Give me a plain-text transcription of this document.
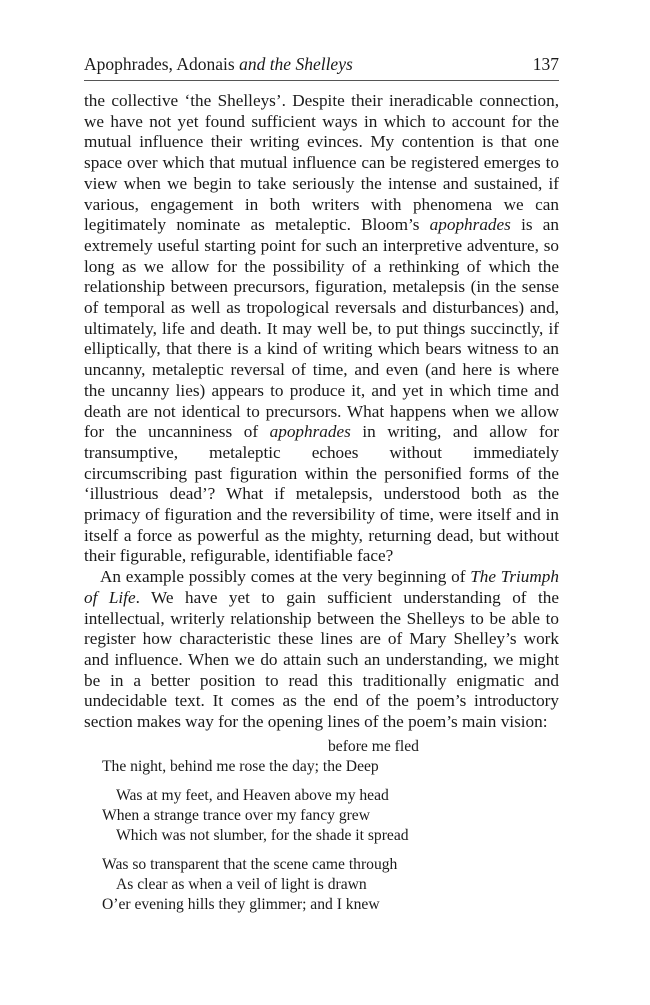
Apophrades, Adonais and the Shelleys	137

the collective ‘the Shelleys’. Despite their ineradicable connection, we have not yet found sufficient ways in which to account for the mutual influence their writing evinces. My contention is that one space over which that mutual influence can be registered emerges to view when we begin to take seriously the intense and sustained, if various, engagement in both writers with phenomena we can legitimately nominate as metaleptic. Bloom’s apophrades is an extremely useful starting point for such an interpretive adventure, so long as we allow for the possibility of a rethinking of which the relationship between precursors, figuration, metalepsis (in the sense of temporal as well as tropological reversals and disturbances) and, ultimately, life and death. It may well be, to put things succinctly, if elliptically, that there is a kind of writing which bears witness to an uncanny, metaleptic reversal of time, and even (and here is where the uncanny lies) appears to produce it, and yet in which time and death are not identical to precursors. What happens when we allow for the uncanniness of apophrades in writing, and allow for transumptive, metaleptic echoes without immediately circumscribing past figuration within the personified forms of the ‘illustrious dead’? What if metalepsis, understood both as the primacy of figuration and the reversibility of time, were itself and in itself a force as powerful as the mighty, returning dead, but without their figurable, refigurable, identifiable face?

An example possibly comes at the very beginning of The Triumph of Life. We have yet to gain sufficient understanding of the intellectual, writerly relationship between the Shelleys to be able to register how characteristic these lines are of Mary Shelley’s work and influence. When we do attain such an understanding, we might be in a better position to read this traditionally enigmatic and undecidable text. It comes as the end of the poem’s introductory section makes way for the opening lines of the poem’s main vision:

before me fled
The night, behind me rose the day; the Deep
Was at my feet, and Heaven above my head
When a strange trance over my fancy grew
Which was not slumber, for the shade it spread
Was so transparent that the scene came through
As clear as when a veil of light is drawn
O’er evening hills they glimmer; and I knew
